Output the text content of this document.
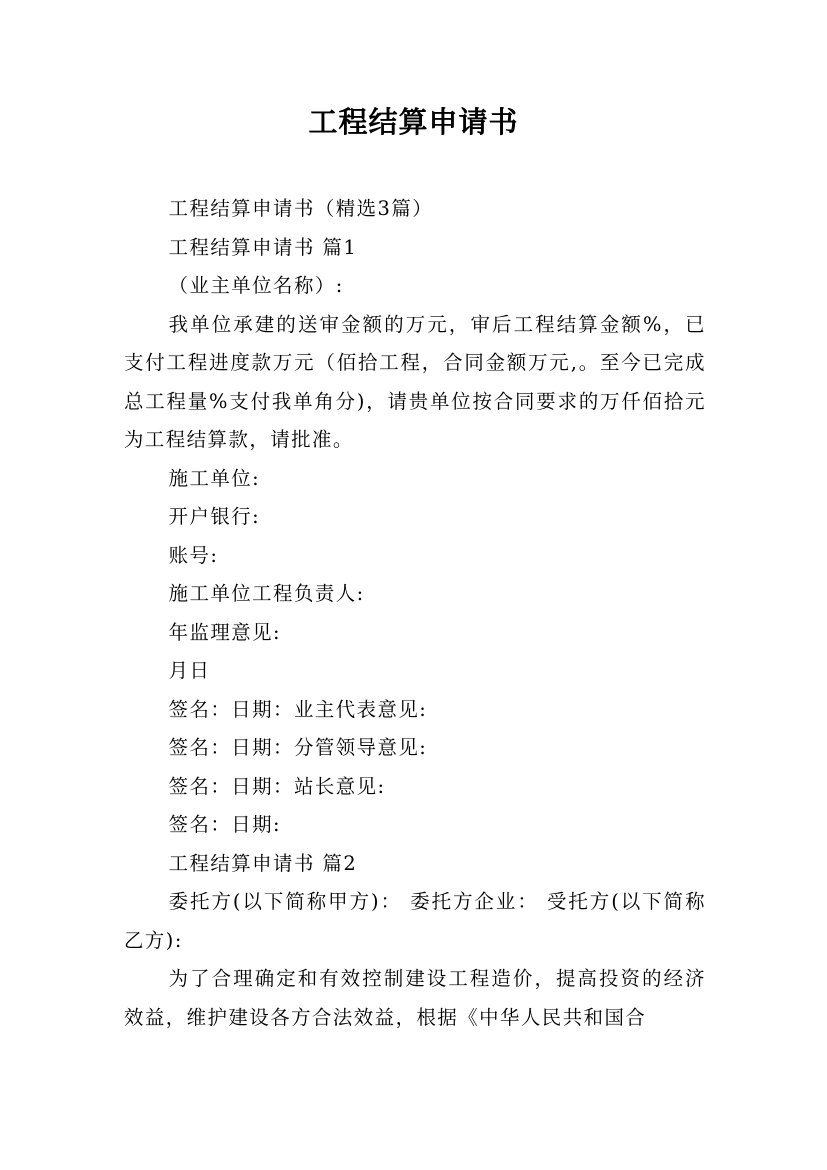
工程结算申请书

工程结算申请书（精选3篇）

工程结算申请书 篇1

（业主单位名称）:

我单位承建的送审金额的万元，审后工程结算金额%，已支付工程进度款万元（佰拾工程，合同金额万元,。至今已完成总工程量%支付我单角分)，请贵单位按合同要求的万仟佰拾元为工程结算款，请批准。

施工单位:

开户银行:

账号:

施工单位工程负责人:

年监理意见:

月日

签名：日期：业主代表意见:

签名：日期：分管领导意见:

签名：日期：站长意见:

签名：日期:

工程结算申请书 篇2

委托方(以下简称甲方)： 委托方企业： 受托方(以下简称乙方):

为了合理确定和有效控制建设工程造价，提高投资的经济效益，维护建设各方合法效益，根据《中华人民共和国合
